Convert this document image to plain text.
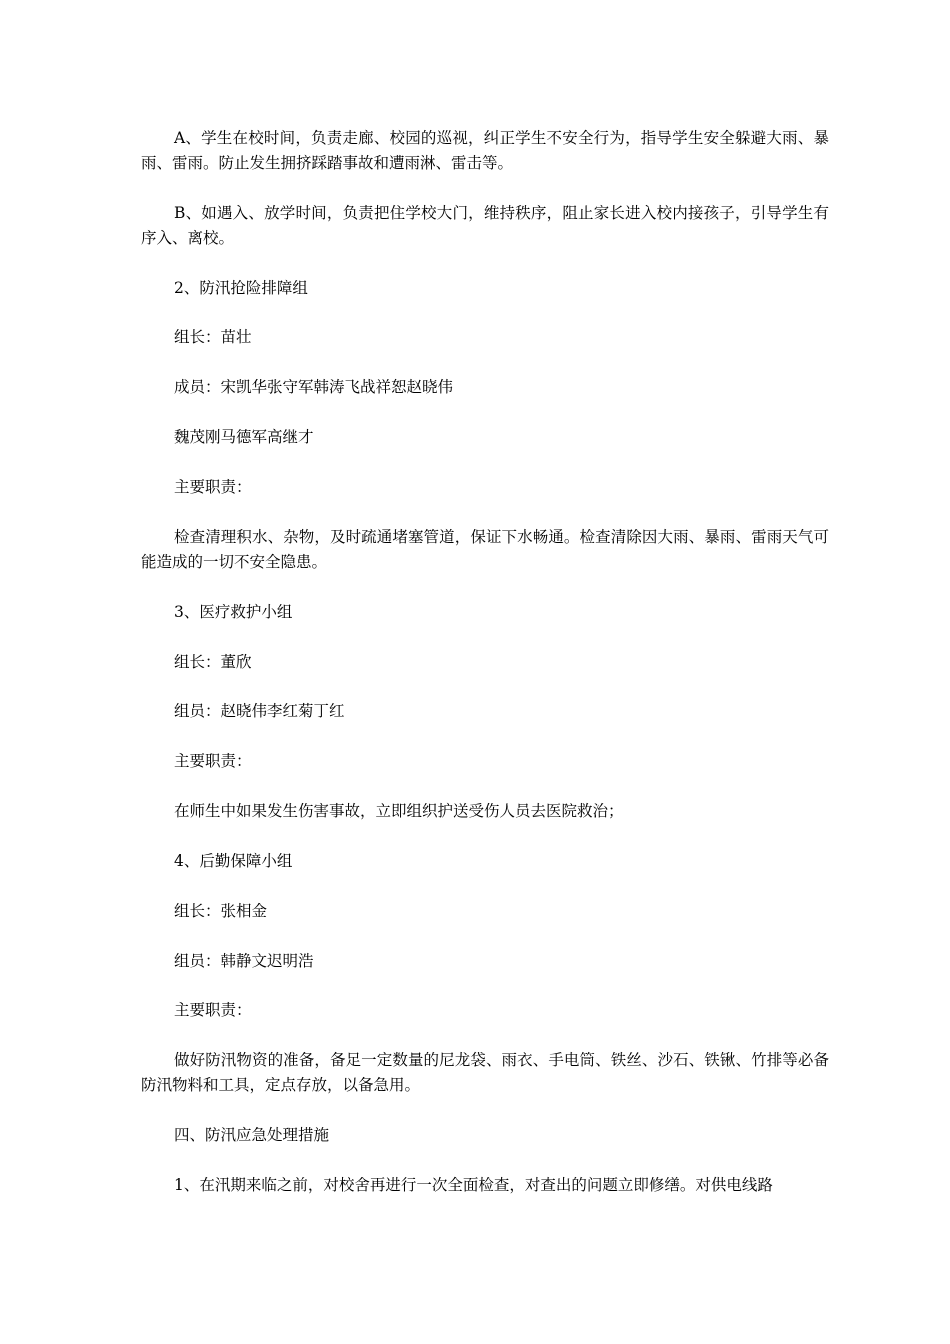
A、学生在校时间，负责走廊、校园的巡视，纠正学生不安全行为，指导学生安全躲避大雨、暴雨、雷雨。防止发生拥挤踩踏事故和遭雨淋、雷击等。

B、如遇入、放学时间，负责把住学校大门，维持秩序，阻止家长进入校内接孩子，引导学生有序入、离校。

2、防汛抢险排障组

组长：苗壮

成员：宋凯华张守军韩涛飞战祥恕赵晓伟

魏茂刚马德军高继才

主要职责：

检查清理积水、杂物，及时疏通堵塞管道，保证下水畅通。检查清除因大雨、暴雨、雷雨天气可能造成的一切不安全隐患。

3、医疗救护小组

组长：董欣

组员：赵晓伟李红菊丁红

主要职责：

在师生中如果发生伤害事故，立即组织护送受伤人员去医院救治；

4、后勤保障小组

组长：张相金

组员：韩静文迟明浩

主要职责：

做好防汛物资的准备，备足一定数量的尼龙袋、雨衣、手电筒、铁丝、沙石、铁锹、竹排等必备防汛物料和工具，定点存放，以备急用。

四、防汛应急处理措施

1、在汛期来临之前，对校舍再进行一次全面检查，对查出的问题立即修缮。对供电线路
